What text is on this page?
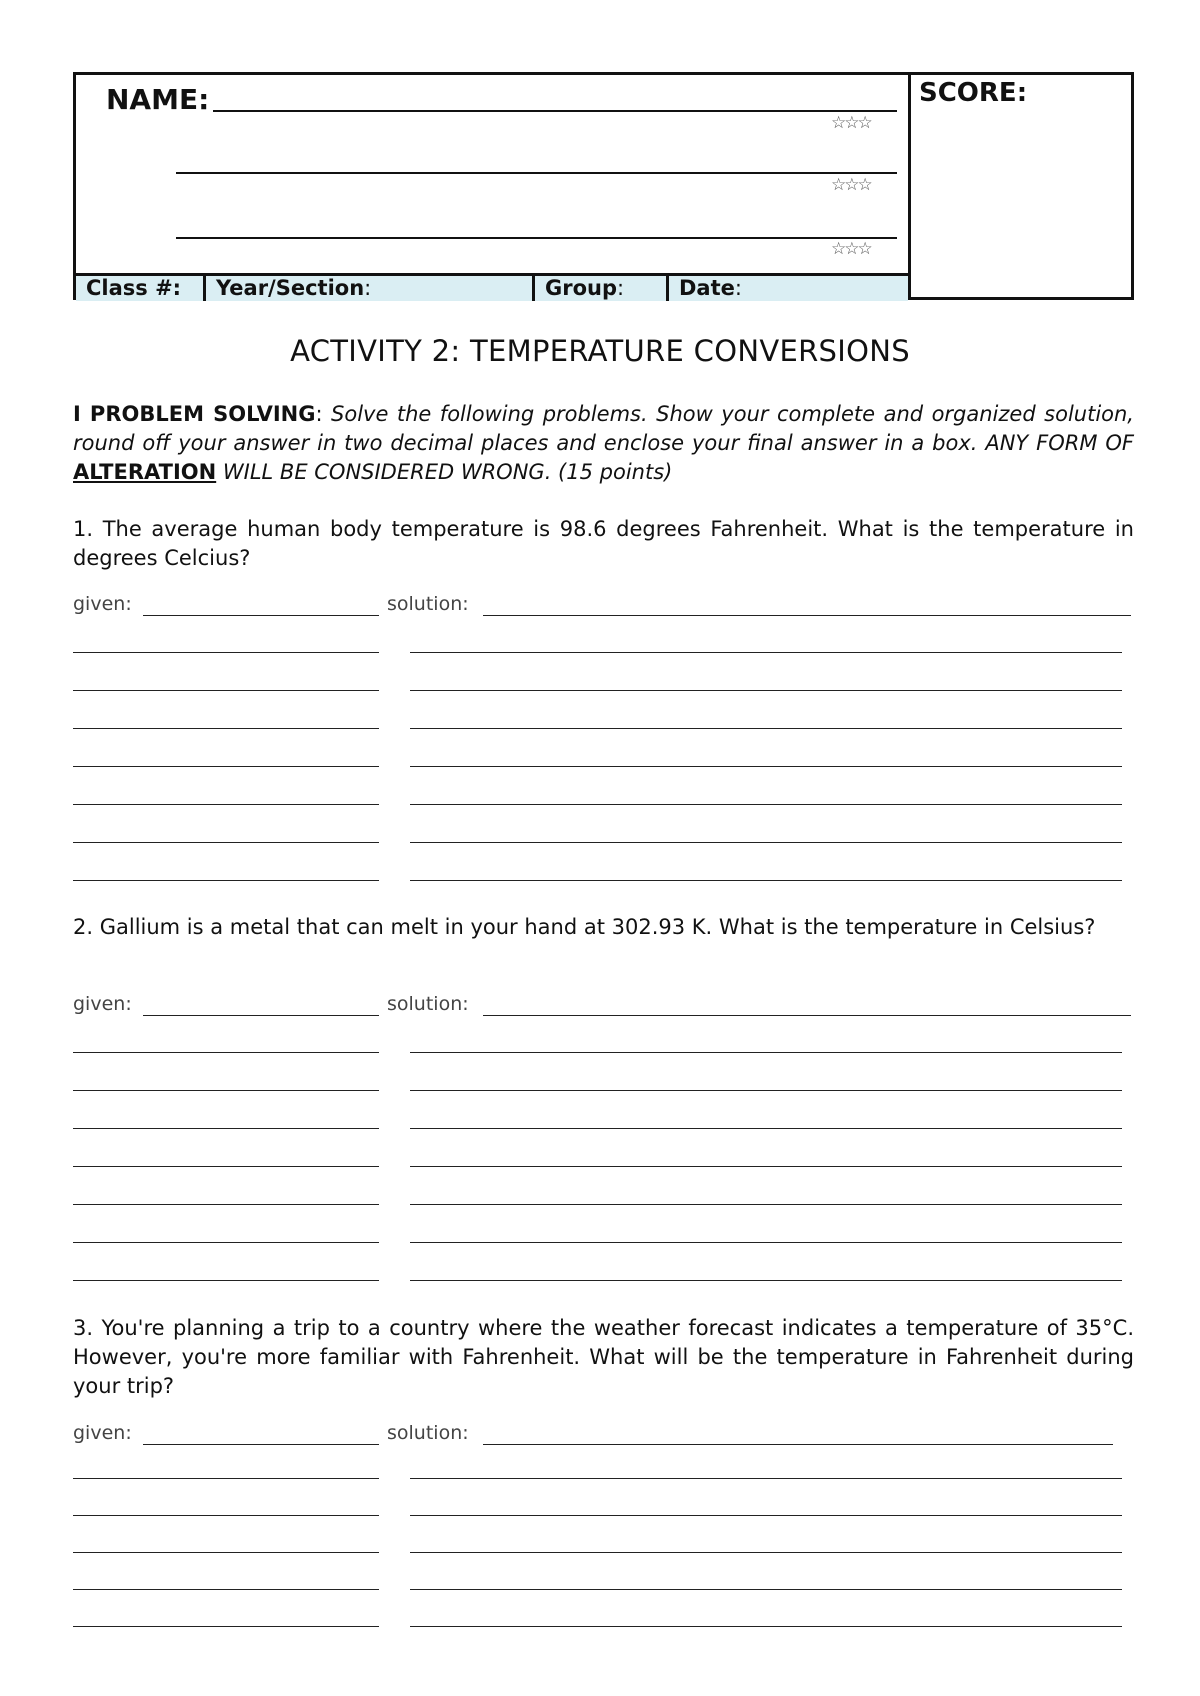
NAME:
☆☆☆
☆☆☆
☆☆☆
Class #:	Year/Section:	Group:	Date:
SCORE:
ACTIVITY 2: TEMPERATURE CONVERSIONS
I PROBLEM SOLVING: Solve the following problems. Show your complete and organized solution, round off your answer in two decimal places and enclose your final answer in a box. ANY FORM OF ALTERATION WILL BE CONSIDERED WRONG. (15 points)
1. The average human body temperature is 98.6 degrees Fahrenheit. What is the temperature in degrees Celcius?
given:	solution:
2. Gallium is a metal that can melt in your hand at 302.93 K. What is the temperature in Celsius?
given:	solution:
3. You're planning a trip to a country where the weather forecast indicates a temperature of 35°C. However, you're more familiar with Fahrenheit. What will be the temperature in Fahrenheit during your trip?
given:	solution:
